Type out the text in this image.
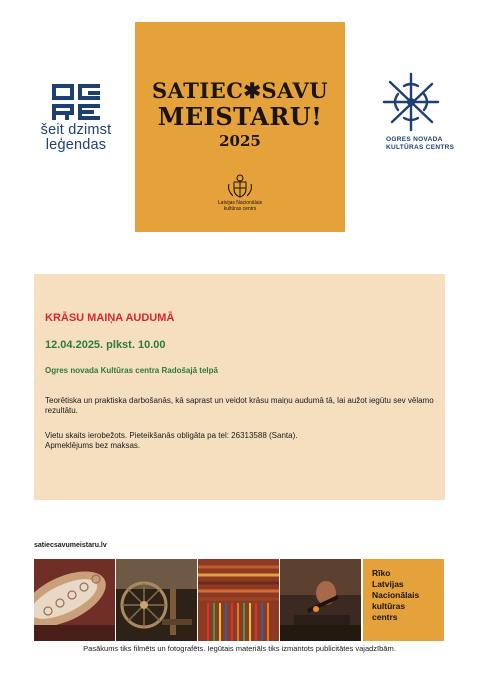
šeit dzimst
leģendas
SATIEC✱SAVU
MEISTARU!
2025
Latvijas Nacionālais
kultūras centrs
OGRES NOVADA
KULTŪRAS CENTRS
KRĀSU MAIŅA AUDUMĀ
12.04.2025. plkst. 10.00
Ogres novada Kultūras centra Radošajā telpā
Teorētiska un praktiska darbošanās, kā saprast un veidot krāsu maiņu audumā tā, lai aužot iegūtu sev vēlamo rezultātu.
Vietu skaits ierobežots. Pieteikšanās obligāta pa tel: 26313588 (Santa).
Apmeklējums bez maksas.
satiecsavumeistaru.lv
Rīko
Latvijas
Nacionālais
kultūras
centrs
Pasākums tiks filmēts un fotografēts. Iegūtais materiāls tiks izmantots publicitātes vajadzībām.
